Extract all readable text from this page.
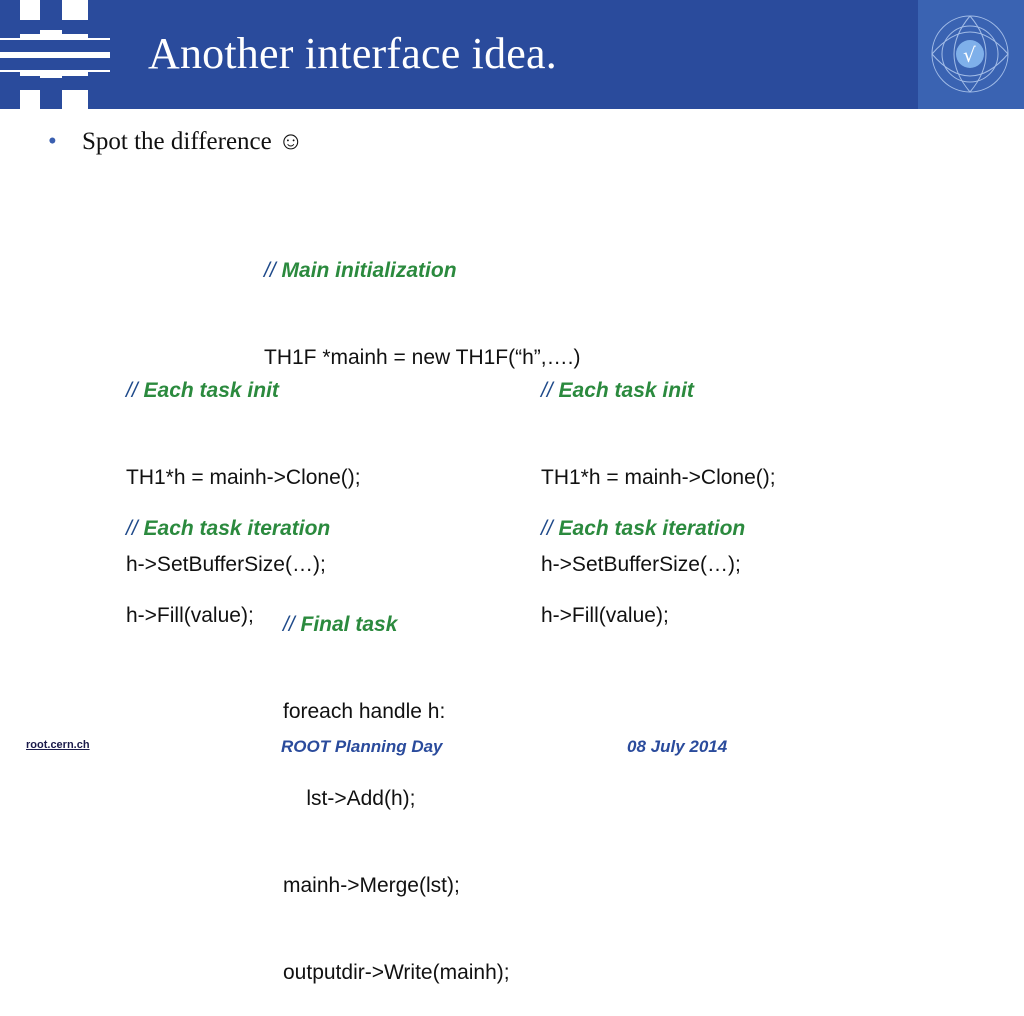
Another interface idea.	√
• Spot the difference ☺

// Main initialization

TH1F *mainh = new TH1F(“h”,….)

// Each task init

TH1*h = mainh->Clone();

h->SetBufferSize(…);

// Each task init

TH1*h = mainh->Clone();

h->SetBufferSize(…);

// Each task iteration

h->Fill(value);

// Each task iteration

h->Fill(value);

// Final task

foreach handle h:

lst->Add(h);

mainh->Merge(lst);

outputdir->Write(mainh);

root.cern.ch	ROOT Planning Day	08 July 2014
